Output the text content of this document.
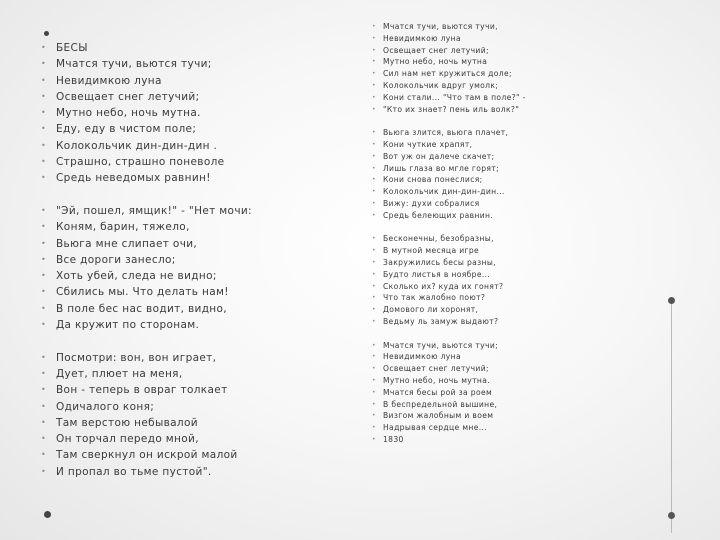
• БЕСЫ
• Мчатся тучи, вьются тучи;
• Невидимкою луна
• Освещает снег летучий;
• Мутно небо, ночь мутна.
• Еду, еду в чистом поле;
• Колокольчик дин-дин-дин .
• Страшно, страшно поневоле
• Средь неведомых равнин!
• "Эй, пошел, ямщик!" - "Нет мочи:
• Коням, барин, тяжело,
• Вьюга мне слипает очи,
• Все дороги занесло;
• Хоть убей, следа не видно;
• Сбились мы. Что делать нам!
• В поле бес нас водит, видно,
• Да кружит по сторонам.
• Посмотри: вон, вон играет,
• Дует, плюет на меня,
• Вон - теперь в овраг толкает
• Одичалого коня;
• Там верстою небывалой
• Он торчал передо мной,
• Там сверкнул он искрой малой
• И пропал во тьме пустой".
• Мчатся тучи, вьются тучи,
• Невидимкою луна
• Освещает снег летучий;
• Мутно небо, ночь мутна
• Сил нам нет кружиться доле;
• Колокольчик вдруг умолк;
• Кони стали... "Что там в поле?" -
• "Кто их знает? пень иль волк?"
• Вьюга злится, вьюга плачет,
• Кони чуткие храпят,
• Вот уж он далече скачет;
• Лишь глаза во мгле горят;
• Кони снова понеслися;
• Колокольчик дин-дин-дин...
• Вижу: духи собралися
• Средь белеющих равнин.
• Бесконечны, безобразны,
• В мутной месяца игре
• Закружились бесы разны,
• Будто листья в ноябре...
• Сколько их? куда их гонят?
• Что так жалобно поют?
• Домового ли хоронят,
• Ведьму ль замуж выдают?
• Мчатся тучи, вьются тучи;
• Невидимкою луна
• Освещает снег летучий;
• Мутно небо, ночь мутна.
• Мчатся бесы рой за роем
• В беспредельной вышине,
• Визгом жалобным и воем
• Надрывая сердце мне...
• 1830
